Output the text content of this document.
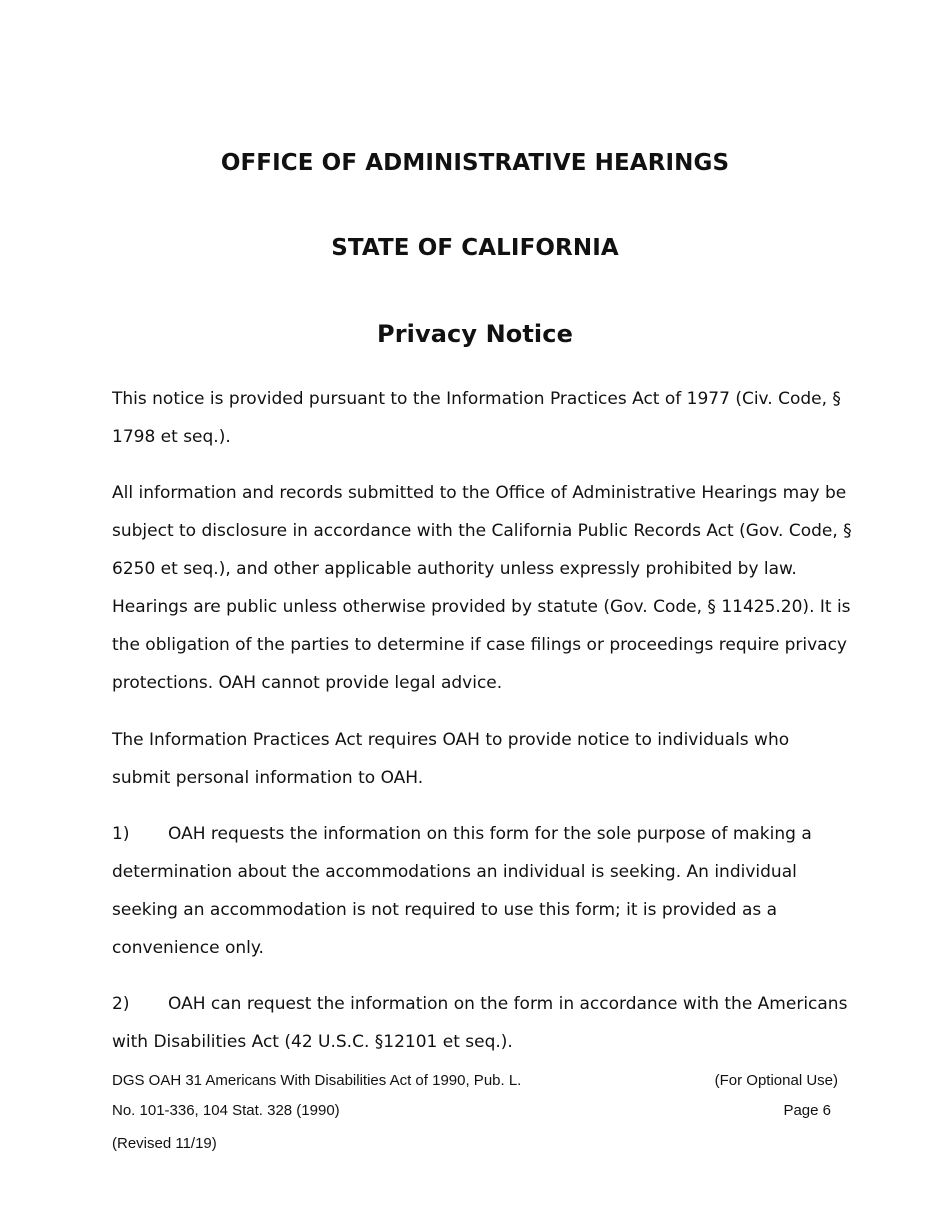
OFFICE OF ADMINISTRATIVE HEARINGS
STATE OF CALIFORNIA
Privacy Notice
This notice is provided pursuant to the Information Practices Act of 1977 (Civ. Code, §
1798 et seq.).
All information and records submitted to the Office of Administrative Hearings may be
subject to disclosure in accordance with the California Public Records Act (Gov. Code, §
6250 et seq.), and other applicable authority unless expressly prohibited by law.
Hearings are public unless otherwise provided by statute (Gov. Code, § 11425.20). It is
the obligation of the parties to determine if case filings or proceedings require privacy
protections. OAH cannot provide legal advice.
The Information Practices Act requires OAH to provide notice to individuals who
submit personal information to OAH.
1) OAH requests the information on this form for the sole purpose of making a
determination about the accommodations an individual is seeking. An individual
seeking an accommodation is not required to use this form; it is provided as a
convenience only.
2) OAH can request the information on the form in accordance with the Americans
with Disabilities Act (42 U.S.C. §12101 et seq.).
DGS OAH 31 Americans With Disabilities Act of 1990, Pub. L.	(For Optional Use)
No. 101-336, 104 Stat. 328 (1990)	Page 6
(Revised 11/19)
